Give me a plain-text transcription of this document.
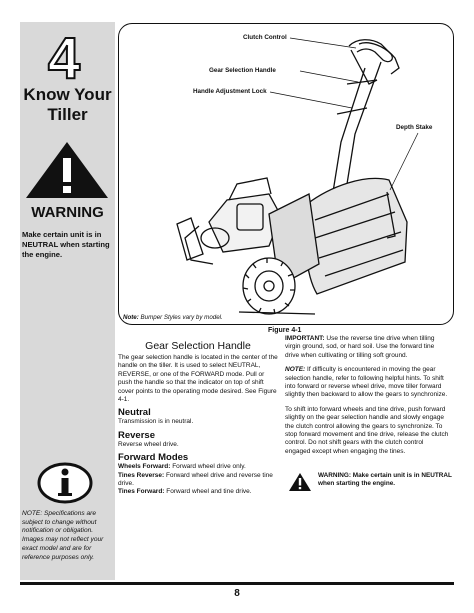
4
Know Your Tiller
WARNING
Make certain unit is in NEUTRAL when starting the engine.
NOTE: Specifications are subject to change without notification or obligation. Images may not reflect your exact model and are for reference purposes only.
Clutch Control
Gear Selection Handle
Handle Adjustment Lock
Depth Stake
Note: Bumper Styles vary by model.
Figure 4-1
Gear Selection Handle

The gear selection handle is located in the center of the handle on the tiller. It is used to select NEUTRAL, REVERSE, or one of the FORWARD mode. Pull or push the handle so that the indicator on top of shift cover points to the operating mode desired. See Figure 4-1.

Neutral

Transmission is in neutral.

Reverse

Reverse wheel drive.

Forward Modes

Wheels Forward: Forward wheel drive only.

Tines Reverse: Forward wheel drive and reverse tine drive.

Tines Forward: Forward wheel and tine drive.

IMPORTANT: Use the reverse tine drive when tilling virgin ground, sod, or hard soil. Use the forward tine drive when cultivating or tilling soft ground.

NOTE: If difficulty is encountered in moving the gear selection handle, refer to following helpful hints. To shift into forward or reverse wheel drive, move tiller forward slightly then backward to allow the gears to synchronize.

To shift into forward wheels and tine drive, push forward slightly on the gear selection handle and slowly engage the clutch control allowing the gears to synchronize. To stop forward movement and tine drive, release the clutch control. Do not shift gears with the clutch control engaged except when engaging the tines.

WARNING: Make certain unit is in NEUTRAL when starting the engine.
8
